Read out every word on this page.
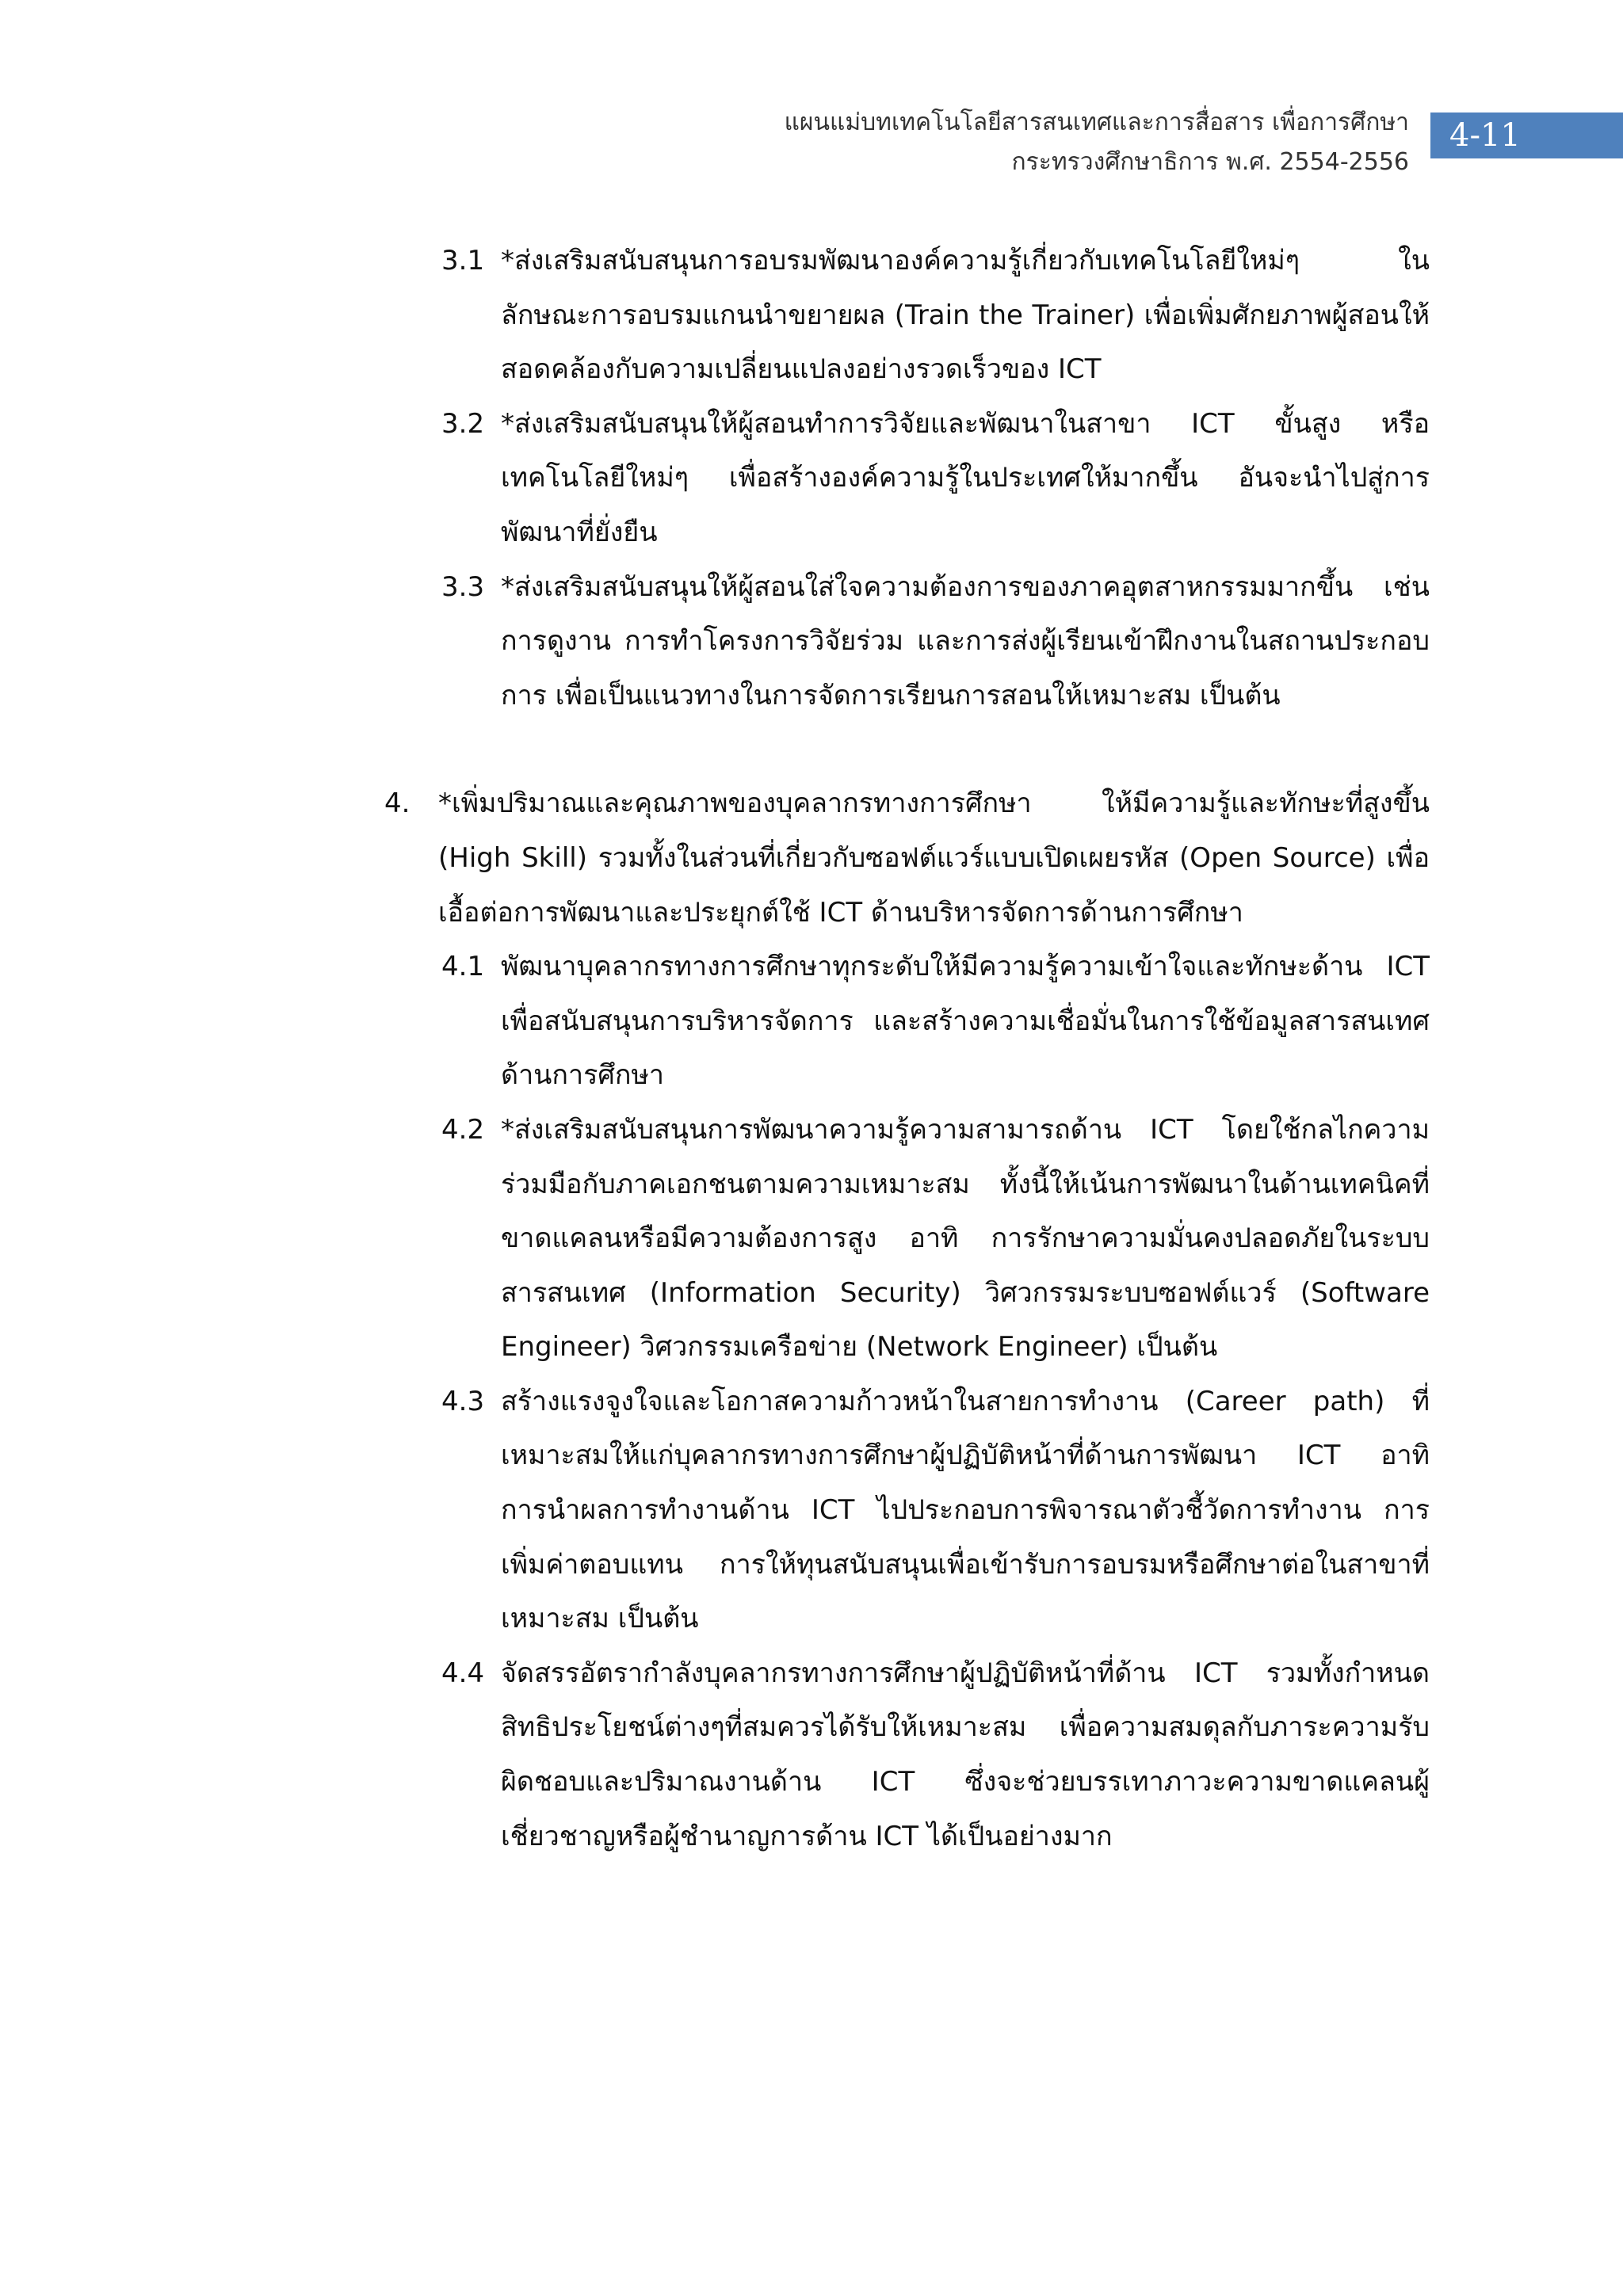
แผนแม่บทเทคโนโลยีสารสนเทศและการสื่อสาร เพื่อการศึกษา
กระทรวงศึกษาธิการ พ.ศ. 2554-2556
4-11

3.1 *ส่งเสริมสนับสนุนการอบรมพัฒนาองค์ความรู้เกี่ยวกับเทคโนโลยีใหม่ๆ ในลักษณะการอบรมแกนนำขยายผล (Train the Trainer) เพื่อเพิ่มศักยภาพผู้สอนให้สอดคล้องกับความเปลี่ยนแปลงอย่างรวดเร็วของ ICT

3.2 *ส่งเสริมสนับสนุนให้ผู้สอนทำการวิจัยและพัฒนาในสาขา ICT ขั้นสูง หรือเทคโนโลยีใหม่ๆ เพื่อสร้างองค์ความรู้ในประเทศให้มากขึ้น อันจะนำไปสู่การพัฒนาที่ยั่งยืน

3.3 *ส่งเสริมสนับสนุนให้ผู้สอนใส่ใจความต้องการของภาคอุตสาหกรรมมากขึ้น เช่น การดูงาน การทำโครงการวิจัยร่วม และการส่งผู้เรียนเข้าฝึกงานในสถานประกอบการ เพื่อเป็นแนวทางในการจัดการเรียนการสอนให้เหมาะสม เป็นต้น

4. *เพิ่มปริมาณและคุณภาพของบุคลากรทางการศึกษา ให้มีความรู้และทักษะที่สูงขึ้น (High Skill) รวมทั้งในส่วนที่เกี่ยวกับซอฟต์แวร์แบบเปิดเผยรหัส (Open Source) เพื่อเอื้อต่อการพัฒนาและประยุกต์ใช้ ICT ด้านบริหารจัดการด้านการศึกษา

4.1 พัฒนาบุคลากรทางการศึกษาทุกระดับให้มีความรู้ความเข้าใจและทักษะด้าน ICT เพื่อสนับสนุนการบริหารจัดการ และสร้างความเชื่อมั่นในการใช้ข้อมูลสารสนเทศด้านการศึกษา

4.2 *ส่งเสริมสนับสนุนการพัฒนาความรู้ความสามารถด้าน ICT โดยใช้กลไกความร่วมมือกับภาคเอกชนตามความเหมาะสม ทั้งนี้ให้เน้นการพัฒนาในด้านเทคนิคที่ขาดแคลนหรือมีความต้องการสูง อาทิ การรักษาความมั่นคงปลอดภัยในระบบสารสนเทศ (Information Security) วิศวกรรมระบบซอฟต์แวร์ (Software Engineer) วิศวกรรมเครือข่าย (Network Engineer) เป็นต้น

4.3 สร้างแรงจูงใจและโอกาสความก้าวหน้าในสายการทำงาน (Career path) ที่เหมาะสมให้แก่บุคลากรทางการศึกษาผู้ปฏิบัติหน้าที่ด้านการพัฒนา ICT อาทิ การนำผลการทำงานด้าน ICT ไปประกอบการพิจารณาตัวชี้วัดการทำงาน การเพิ่มค่าตอบแทน การให้ทุนสนับสนุนเพื่อเข้ารับการอบรมหรือศึกษาต่อในสาขาที่เหมาะสม เป็นต้น

4.4 จัดสรรอัตรากำลังบุคลากรทางการศึกษาผู้ปฏิบัติหน้าที่ด้าน ICT รวมทั้งกำหนดสิทธิประโยชน์ต่างๆที่สมควรได้รับให้เหมาะสม เพื่อความสมดุลกับภาระความรับผิดชอบและปริมาณงานด้าน ICT ซึ่งจะช่วยบรรเทาภาวะความขาดแคลนผู้เชี่ยวชาญหรือผู้ชำนาญการด้าน ICT ได้เป็นอย่างมาก
